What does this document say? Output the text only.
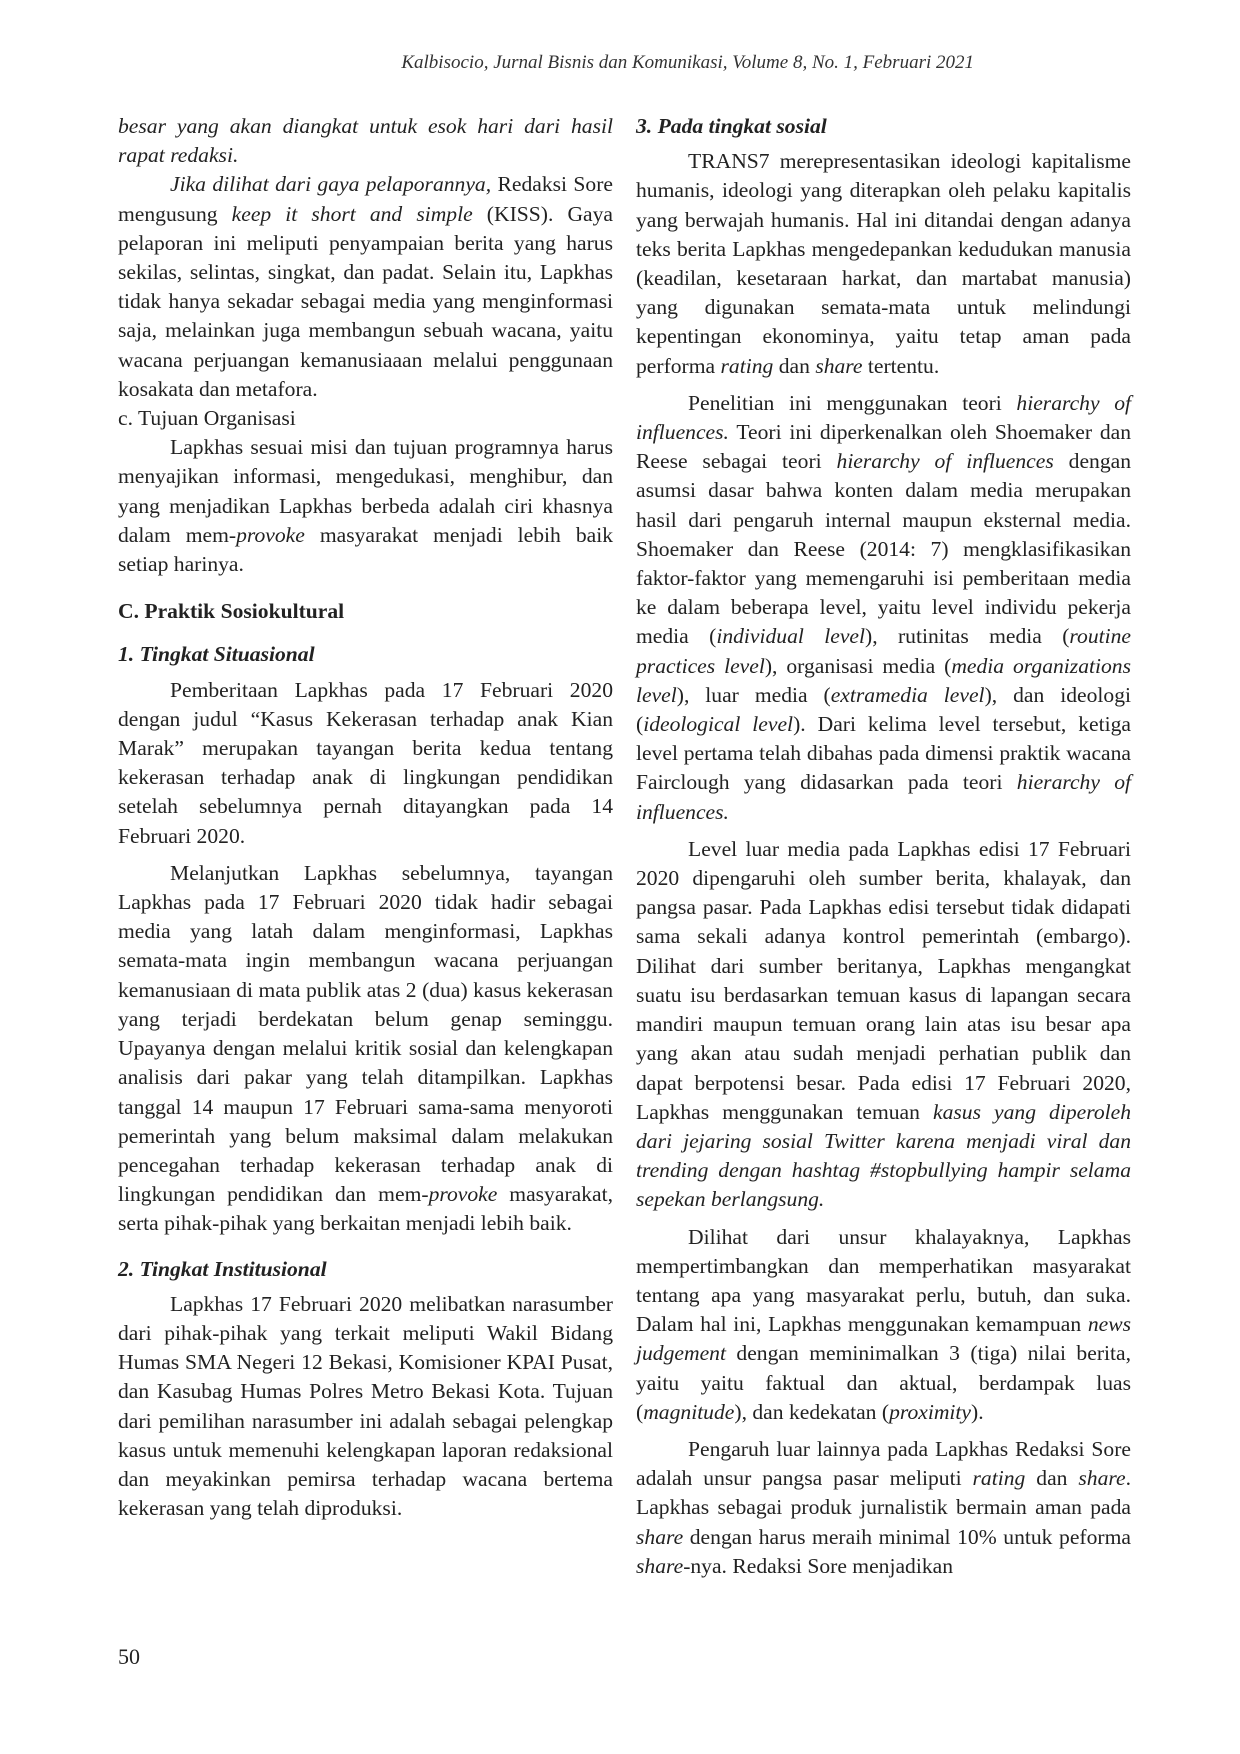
Kalbisocio, Jurnal Bisnis dan Komunikasi, Volume 8, No. 1, Februari 2021

besar yang akan diangkat untuk esok hari dari hasil rapat redaksi.

Jika dilihat dari gaya pelaporannya, Redaksi Sore mengusung keep it short and simple (KISS). Gaya pelaporan ini meliputi penyampaian berita yang harus sekilas, selintas, singkat, dan padat. Selain itu, Lapkhas tidak hanya sekadar sebagai media yang menginformasi saja, melainkan juga membangun sebuah wacana, yaitu wacana perjuangan kemanusiaaan melalui penggunaan kosakata dan metafora.

c. Tujuan Organisasi

Lapkhas sesuai misi dan tujuan programnya harus menyajikan informasi, mengedukasi, menghibur, dan yang menjadikan Lapkhas berbeda adalah ciri khasnya dalam mem-provoke masyarakat menjadi lebih baik setiap harinya.

C. Praktik Sosiokultural
1. Tingkat Situasional

Pemberitaan Lapkhas pada 17 Februari 2020 dengan judul “Kasus Kekerasan terhadap anak Kian Marak” merupakan tayangan berita kedua tentang kekerasan terhadap anak di lingkungan pendidikan setelah sebelumnya pernah ditayangkan pada 14 Februari 2020.

Melanjutkan Lapkhas sebelumnya, tayangan Lapkhas pada 17 Februari 2020 tidak hadir sebagai media yang latah dalam menginformasi, Lapkhas semata-mata ingin membangun wacana perjuangan kemanusiaan di mata publik atas 2 (dua) kasus kekerasan yang terjadi berdekatan belum genap seminggu. Upayanya dengan melalui kritik sosial dan kelengkapan analisis dari pakar yang telah ditampilkan. Lapkhas tanggal 14 maupun 17 Februari sama-sama menyoroti pemerintah yang belum maksimal dalam melakukan pencegahan terhadap kekerasan terhadap anak di lingkungan pendidikan dan mem-provoke masyarakat, serta pihak-pihak yang berkaitan menjadi lebih baik.

2. Tingkat Institusional

Lapkhas 17 Februari 2020 melibatkan narasumber dari pihak-pihak yang terkait meliputi Wakil Bidang Humas SMA Negeri 12 Bekasi, Komisioner KPAI Pusat, dan Kasubag Humas Polres Metro Bekasi Kota. Tujuan dari pemilihan narasumber ini adalah sebagai pelengkap kasus untuk memenuhi kelengkapan laporan redaksional dan meyakinkan pemirsa terhadap wacana bertema kekerasan yang telah diproduksi.

3. Pada tingkat sosial

TRANS7 merepresentasikan ideologi kapitalisme humanis, ideologi yang diterapkan oleh pelaku kapitalis yang berwajah humanis. Hal ini ditandai dengan adanya teks berita Lapkhas mengedepankan kedudukan manusia (keadilan, kesetaraan harkat, dan martabat manusia) yang digunakan semata-mata untuk melindungi kepentingan ekonominya, yaitu tetap aman pada performa rating dan share tertentu.

Penelitian ini menggunakan teori hierarchy of influences. Teori ini diperkenalkan oleh Shoemaker dan Reese sebagai teori hierarchy of influences dengan asumsi dasar bahwa konten dalam media merupakan hasil dari pengaruh internal maupun eksternal media. Shoemaker dan Reese (2014: 7) mengklasifikasikan faktor-faktor yang memengaruhi isi pemberitaan media ke dalam beberapa level, yaitu level individu pekerja media (individual level), rutinitas media (routine practices level), organisasi media (media organizations level), luar media (extramedia level), dan ideologi (ideological level). Dari kelima level tersebut, ketiga level pertama telah dibahas pada dimensi praktik wacana Fairclough yang didasarkan pada teori hierarchy of influences.

Level luar media pada Lapkhas edisi 17 Februari 2020 dipengaruhi oleh sumber berita, khalayak, dan pangsa pasar. Pada Lapkhas edisi tersebut tidak didapati sama sekali adanya kontrol pemerintah (embargo). Dilihat dari sumber beritanya, Lapkhas mengangkat suatu isu berdasarkan temuan kasus di lapangan secara mandiri maupun temuan orang lain atas isu besar apa yang akan atau sudah menjadi perhatian publik dan dapat berpotensi besar. Pada edisi 17 Februari 2020, Lapkhas menggunakan temuan kasus yang diperoleh dari jejaring sosial Twitter karena menjadi viral dan trending dengan hashtag #stopbullying hampir selama sepekan berlangsung.

Dilihat dari unsur khalayaknya, Lapkhas mempertimbangkan dan memperhatikan masyarakat tentang apa yang masyarakat perlu, butuh, dan suka. Dalam hal ini, Lapkhas menggunakan kemampuan news judgement dengan meminimalkan 3 (tiga) nilai berita, yaitu yaitu faktual dan aktual, berdampak luas (magnitude), dan kedekatan (proximity).

Pengaruh luar lainnya pada Lapkhas Redaksi Sore adalah unsur pangsa pasar meliputi rating dan share. Lapkhas sebagai produk jurnalistik bermain aman pada share dengan harus meraih minimal 10% untuk peforma share-nya. Redaksi Sore menjadikan

50
